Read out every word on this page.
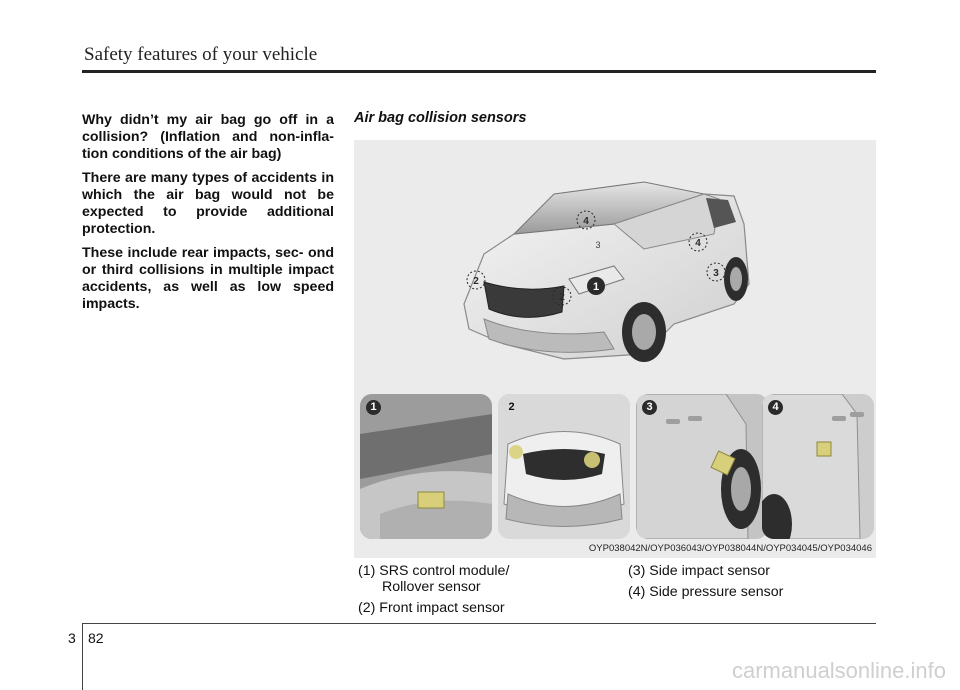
Safety features of your vehicle

Why didn’t my air bag go off in a collision? (Inflation and non-infla- tion conditions of the air bag)

There are many types of accidents in which the air bag would not be expected to provide additional protection.

These include rear impacts, sec- ond or third collisions in multiple impact accidents, as well as low speed impacts.

Air bag collision sensors
1
2
2
3
3
4
4
1	2	3	4
OYP038042N/OYP036043/OYP038044N/OYP034045/OYP034046
(1) SRS control module/
Rollover sensor
(2) Front impact sensor
(3) Side impact sensor
(4) Side pressure sensor
3 82
carmanualsonline.info
